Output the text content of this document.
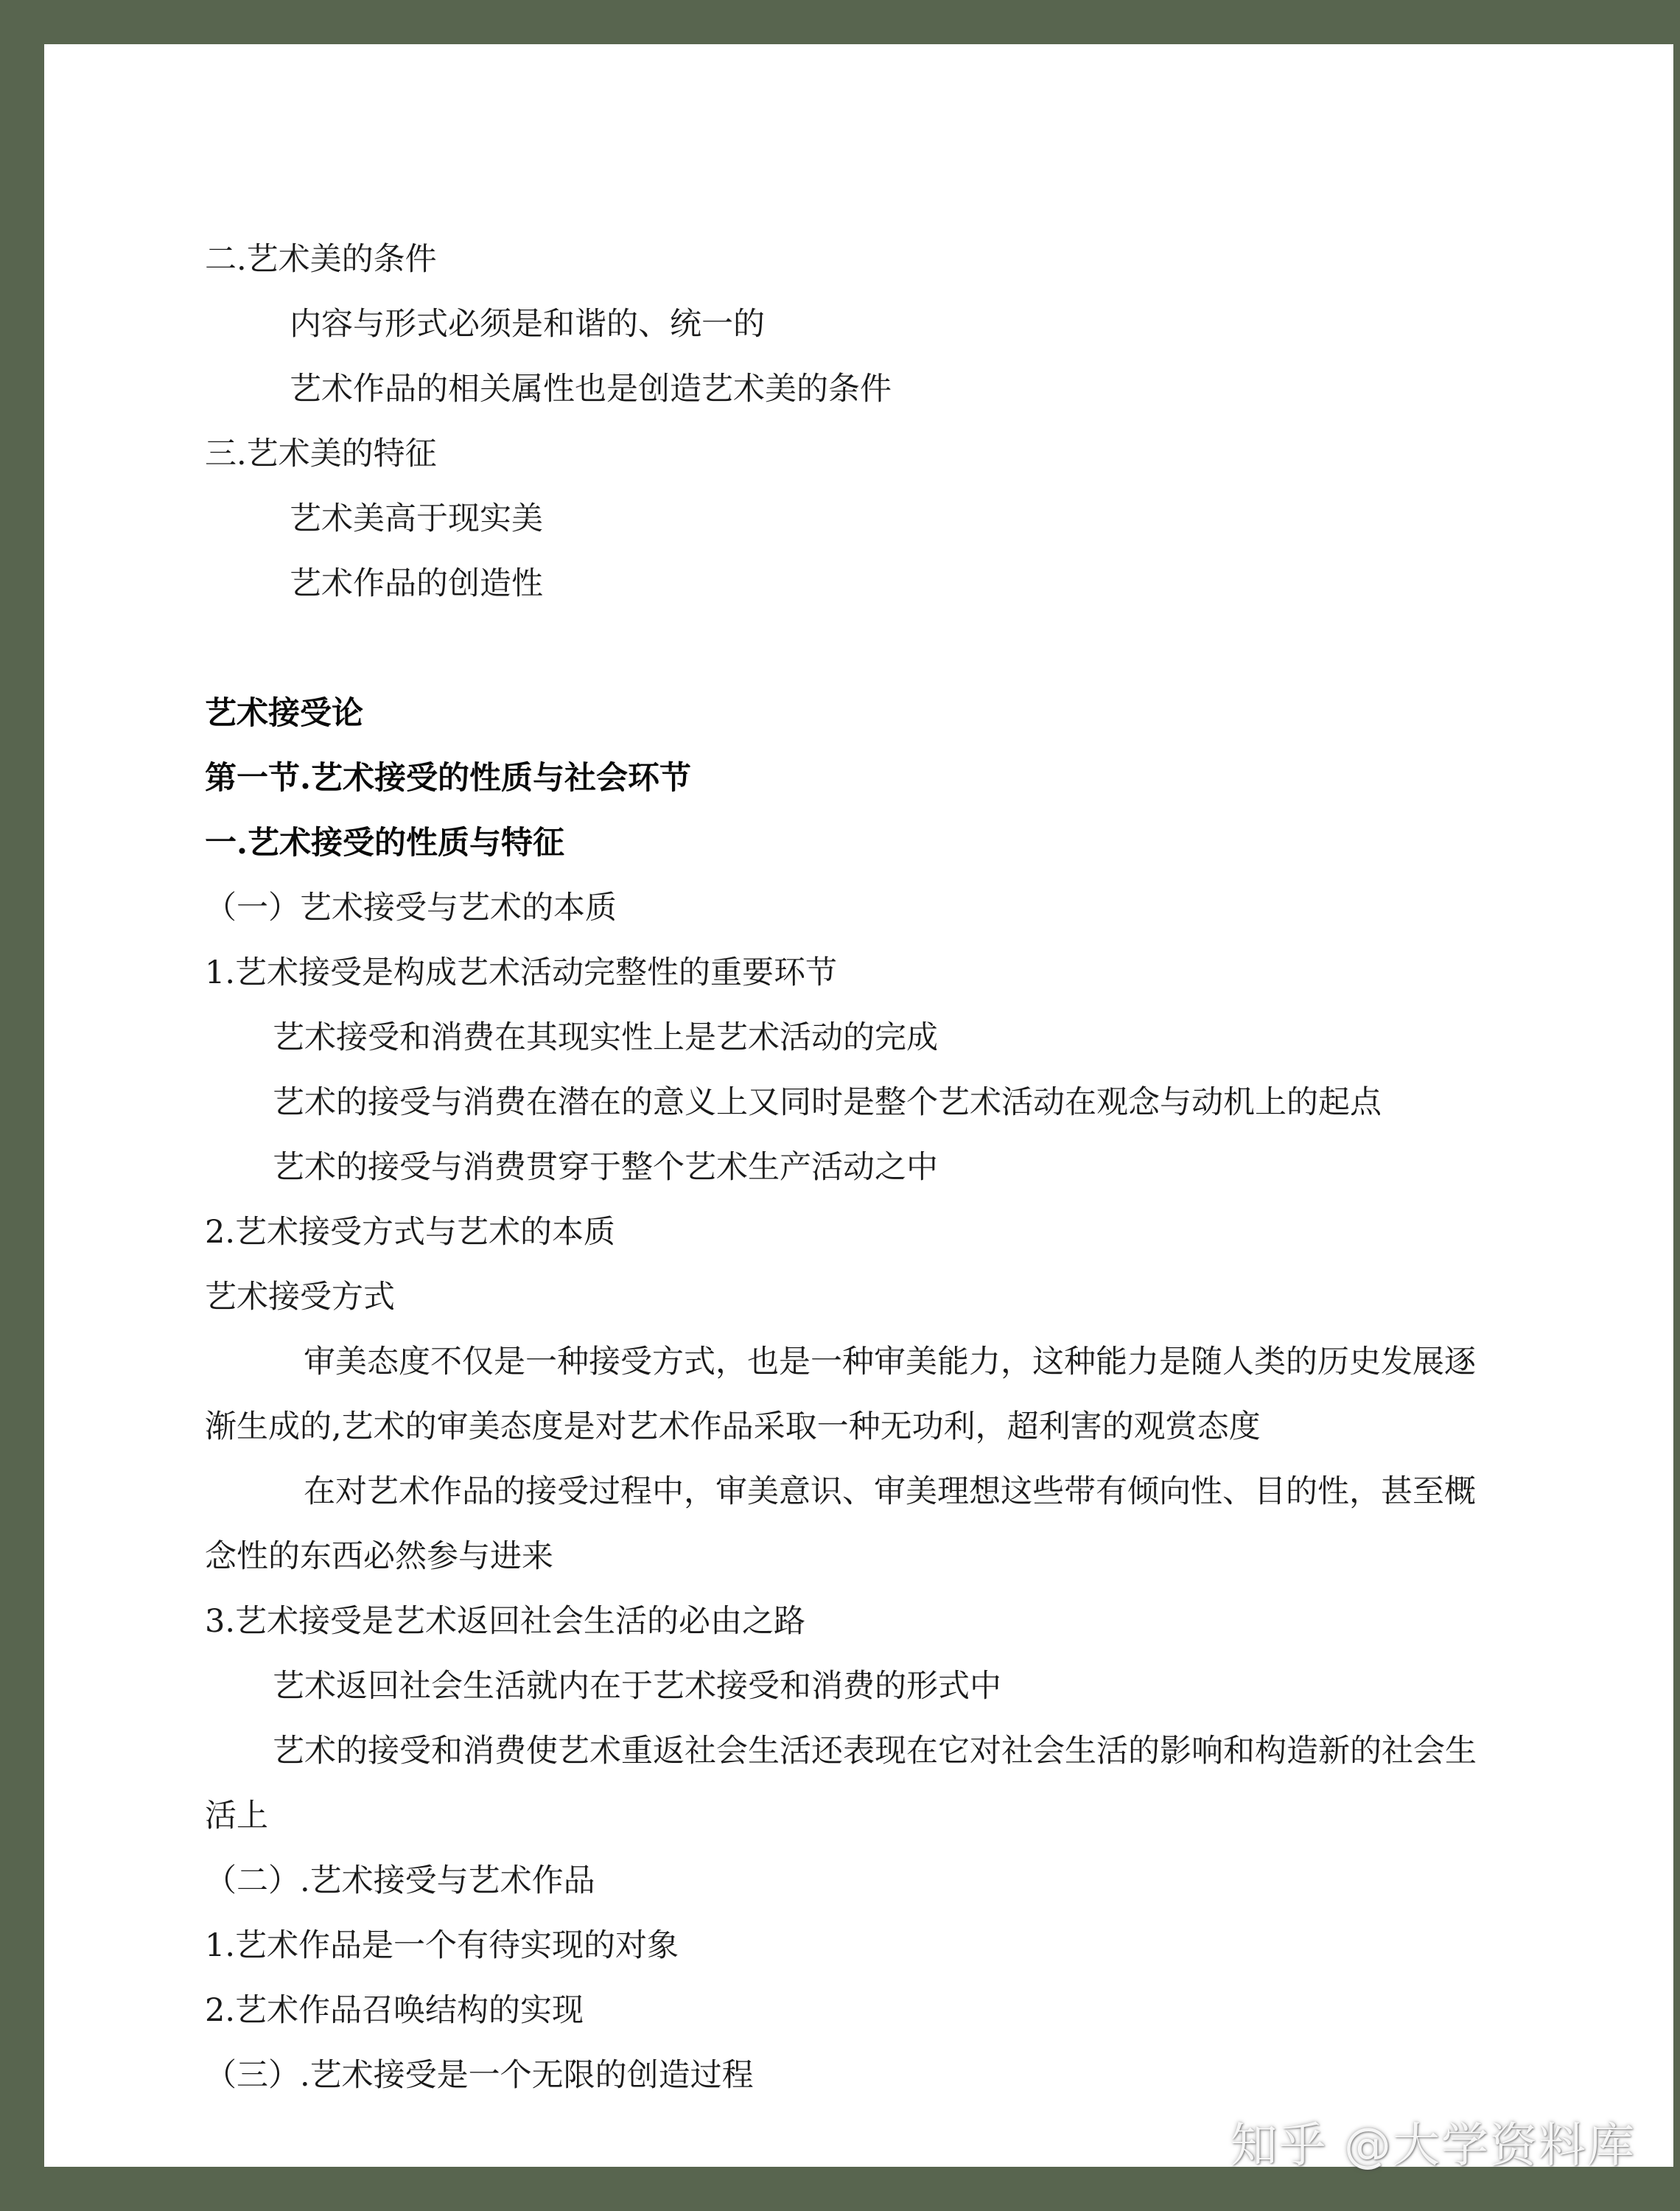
二.艺术美的条件
内容与形式必须是和谐的、统一的
艺术作品的相关属性也是创造艺术美的条件
三.艺术美的特征
艺术美高于现实美
艺术作品的创造性
艺术接受论
第一节.艺术接受的性质与社会环节
一.艺术接受的性质与特征
（一）艺术接受与艺术的本质
1.艺术接受是构成艺术活动完整性的重要环节
艺术接受和消费在其现实性上是艺术活动的完成
艺术的接受与消费在潜在的意义上又同时是整个艺术活动在观念与动机上的起点
艺术的接受与消费贯穿于整个艺术生产活动之中
2.艺术接受方式与艺术的本质
艺术接受方式
审美态度不仅是一种接受方式，也是一种审美能力，这种能力是随人类的历史发展逐
渐生成的,艺术的审美态度是对艺术作品采取一种无功利，超利害的观赏态度
在对艺术作品的接受过程中，审美意识、审美理想这些带有倾向性、目的性，甚至概
念性的东西必然参与进来
3.艺术接受是艺术返回社会生活的必由之路
艺术返回社会生活就内在于艺术接受和消费的形式中
艺术的接受和消费使艺术重返社会生活还表现在它对社会生活的影响和构造新的社会生
活上
（二）.艺术接受与艺术作品
1.艺术作品是一个有待实现的对象
2.艺术作品召唤结构的实现
（三）.艺术接受是一个无限的创造过程
知乎 @大学资料库
